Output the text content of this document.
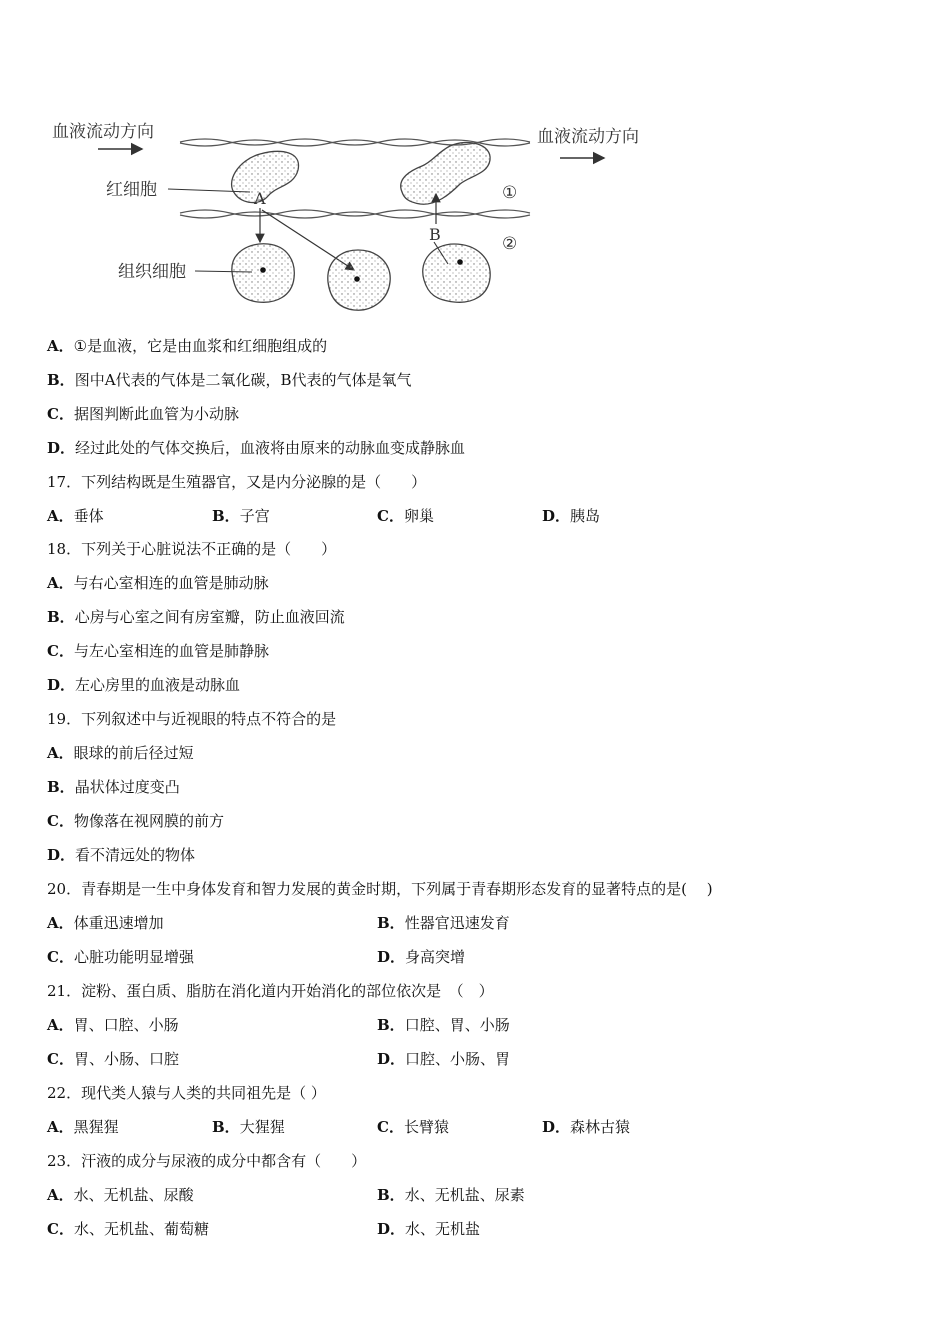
血液流动方向	血液流动方向
红细胞	A
B
①
②
组织细胞
A．①是血液，它是由血浆和红细胞组成的
B．图中A代表的气体是二氧化碳，B代表的气体是氧气
C．据图判断此血管为小动脉
D．经过此处的气体交换后，血液将由原来的动脉血变成静脉血
17．下列结构既是生殖器官，又是内分泌腺的是（　　）
A．垂体	B．子宫	C．卵巢	D．胰岛
18．下列关于心脏说法不正确的是（　　）
A．与右心室相连的血管是肺动脉
B．心房与心室之间有房室瓣，防止血液回流
C．与左心室相连的血管是肺静脉
D．左心房里的血液是动脉血
19．下列叙述中与近视眼的特点不符合的是
A．眼球的前后径过短
B．晶状体过度变凸
C．物像落在视网膜的前方
D．看不清远处的物体
20．青春期是一生中身体发育和智力发展的黄金时期，下列属于青春期形态发育的显著特点的是(　 )
A．体重迅速增加	B．性器官迅速发育
C．心脏功能明显增强	D．身高突增
21．淀粉、蛋白质、脂肪在消化道内开始消化的部位依次是　（　）
A．胃、口腔、小肠	B．口腔、胃、小肠
C．胃、小肠、口腔	D．口腔、小肠、胃
22．现代类人猿与人类的共同祖先是（ ）
A．黑猩猩	B．大猩猩	C．长臂猿	D．森林古猿
23．汗液的成分与尿液的成分中都含有（　　）
A．水、无机盐、尿酸	B．水、无机盐、尿素
C．水、无机盐、葡萄糖	D．水、无机盐
